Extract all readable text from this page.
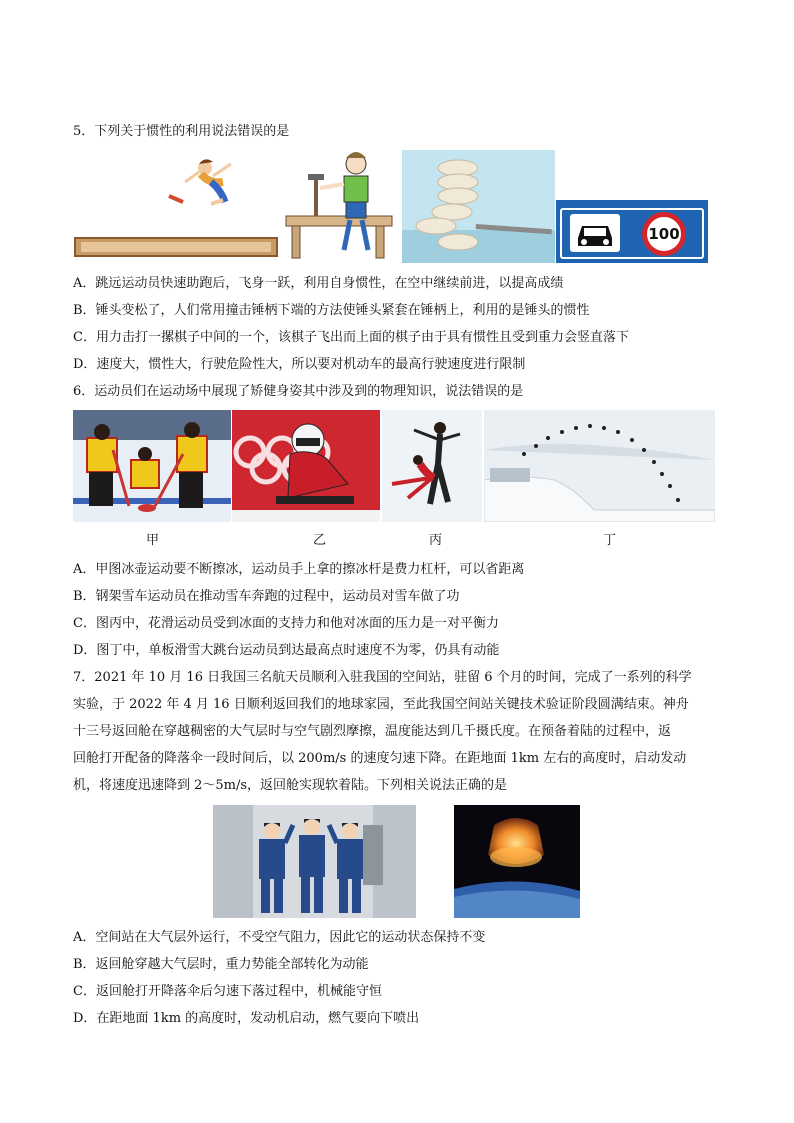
5．下列关于惯性的利用说法错误的是
100
A．跳远运动员快速助跑后，飞身一跃，利用自身惯性，在空中继续前进，以提高成绩
B．锤头变松了，人们常用撞击锤柄下端的方法使锤头紧套在锤柄上，利用的是锤头的惯性
C．用力击打一摞棋子中间的一个，该棋子飞出而上面的棋子由于具有惯性且受到重力会竖直落下
D．速度大，惯性大，行驶危险性大，所以要对机动车的最高行驶速度进行限制
6．运动员们在运动场中展现了矫健身姿其中涉及到的物理知识，说法错误的是
甲	乙	丙	丁
A．甲图冰壶运动要不断擦冰，运动员手上拿的擦冰杆是费力杠杆，可以省距离
B．钢架雪车运动员在推动雪车奔跑的过程中，运动员对雪车做了功
C．图丙中，花滑运动员受到冰面的支持力和他对冰面的压力是一对平衡力
D．图丁中，单板滑雪大跳台运动员到达最高点时速度不为零，仍具有动能
7．2021 年 10 月 16 日我国三名航天员顺利入驻我国的空间站，驻留 6 个月的时间，完成了一系列的科学
实验，于 2022 年 4 月 16 日顺利返回我们的地球家园，至此我国空间站关键技术验证阶段圆满结束。神舟
十三号返回舱在穿越稠密的大气层时与空气剧烈摩擦，温度能达到几千摄氏度。在预备着陆的过程中，返
回舱打开配备的降落伞一段时间后，以 200m/s 的速度匀速下降。在距地面 1km 左右的高度时，启动发动
机，将速度迅速降到 2～5m/s，返回舱实现软着陆。下列相关说法正确的是
A．空间站在大气层外运行，不受空气阻力，因此它的运动状态保持不变
B．返回舱穿越大气层时，重力势能全部转化为动能
C．返回舱打开降落伞后匀速下落过程中，机械能守恒
D．在距地面 1km 的高度时，发动机启动，燃气要向下喷出
